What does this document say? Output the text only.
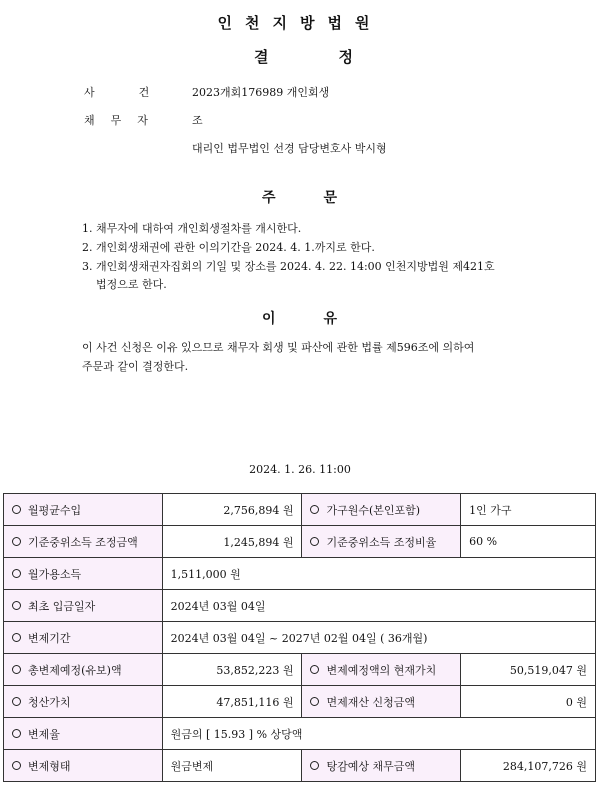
인천지방법원
결	정
사	건	2023개회176989 개인회생
채 무 자	조
대리인 법무법인 선경 담당변호사 박시형
주	문
1. 채무자에 대하여 개인회생절차를 개시한다.
2. 개인회생채권에 관한 이의기간을 2024. 4. 1.까지로 한다.
3. 개인회생채권자집회의 기일 및 장소를 2024. 4. 22. 14:00 인천지방법원 제421호
법정으로 한다.
이	유
이 사건 신청은 이유 있으므로 채무자 회생 및 파산에 관한 법률 제596조에 의하여
주문과 같이 결정한다.
2024. 1. 26. 11:00
월평균수입	2,756,894 원	가구원수(본인포함)	1인 가구
기준중위소득 조정금액	1,245,894 원	기준중위소득 조정비율	60 %
월가용소득	1,511,000 원		
최초 입금일자	2024년 03월 04일		
변제기간	2024년 03월 04일 ~ 2027년 02월 04일 ( 36개월)		
총변제예정(유보)액	53,852,223 원	변제예정액의 현재가치	50,519,047 원
청산가치	47,851,116 원	면제재산 신청금액	0 원
변제율	원금의 [ 15.93 ] % 상당액		
변제형태	원금변제	탕감예상 채무금액	284,107,726 원
